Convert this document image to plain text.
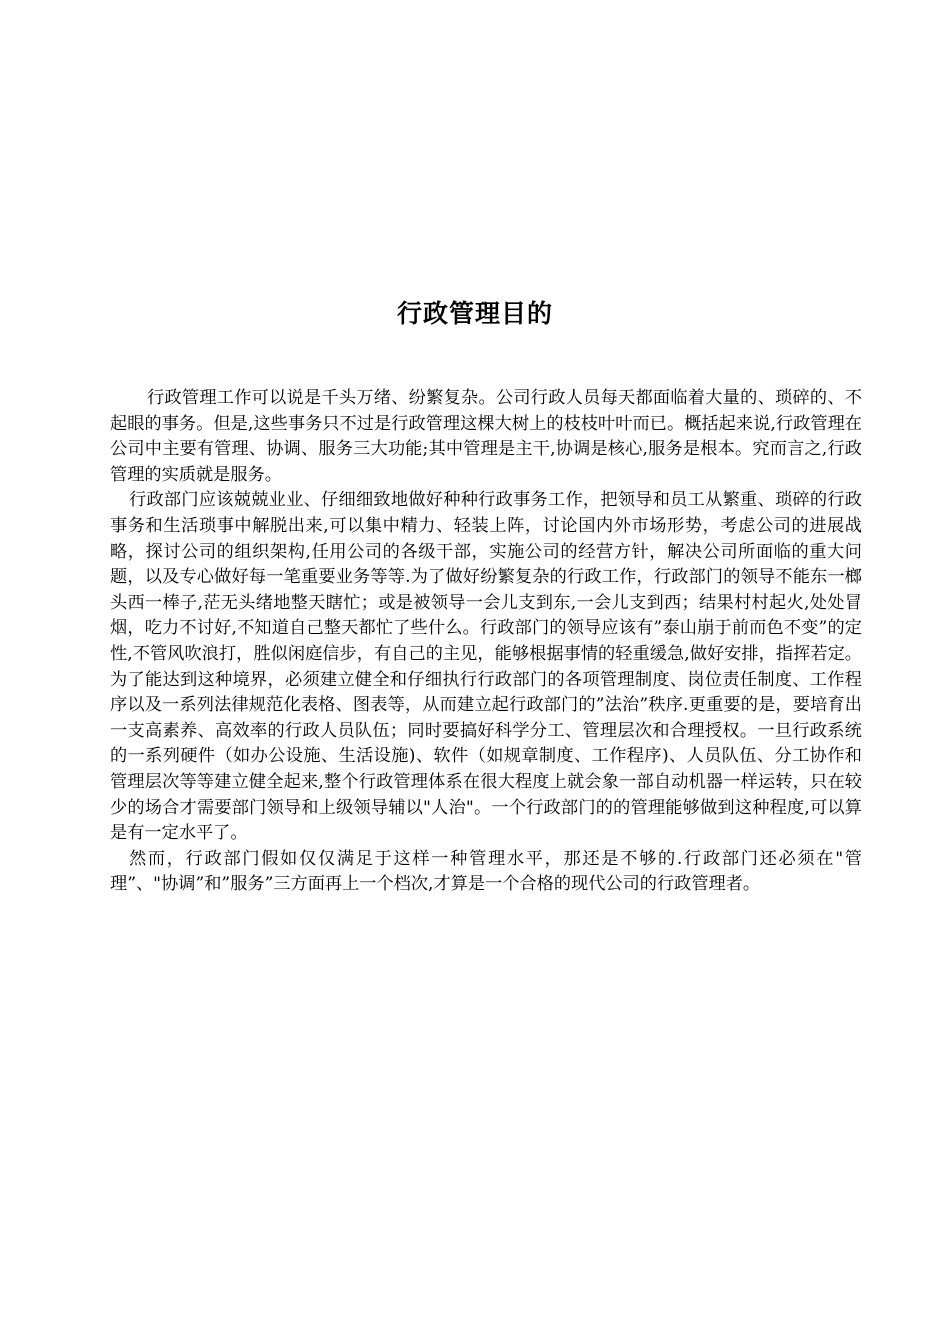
行政管理目的

行政管理工作可以说是千头万绪、纷繁复杂。公司行政人员每天都面临着大量的、琐碎的、不起眼的事务。但是,这些事务只不过是行政管理这棵大树上的枝枝叶叶而已。概括起来说,行政管理在公司中主要有管理、协调、服务三大功能;其中管理是主干,协调是核心,服务是根本。究而言之,行政管理的实质就是服务。

行政部门应该兢兢业业、仔细细致地做好种种行政事务工作，把领导和员工从繁重、琐碎的行政事务和生活琐事中解脱出来,可以集中精力、轻装上阵，讨论国内外市场形势，考虑公司的进展战略，探讨公司的组织架构,任用公司的各级干部，实施公司的经营方针，解决公司所面临的重大问题，以及专心做好每一笔重要业务等等.为了做好纷繁复杂的行政工作，行政部门的领导不能东一榔头西一棒子,茫无头绪地整天瞎忙；或是被领导一会儿支到东,一会儿支到西；结果村村起火,处处冒烟，吃力不讨好,不知道自己整天都忙了些什么。行政部门的领导应该有”泰山崩于前而色不变”的定性,不管风吹浪打，胜似闲庭信步，有自己的主见，能够根据事情的轻重缓急,做好安排，指挥若定。为了能达到这种境界，必须建立健全和仔细执行行政部门的各项管理制度、岗位责任制度、工作程序以及一系列法律规范化表格、图表等，从而建立起行政部门的”法治”秩序.更重要的是，要培育出一支高素养、高效率的行政人员队伍；同时要搞好科学分工、管理层次和合理授权。一旦行政系统的一系列硬件（如办公设施、生活设施)、软件（如规章制度、工作程序)、人员队伍、分工协作和管理层次等等建立健全起来,整个行政管理体系在很大程度上就会象一部自动机器一样运转，只在较少的场合才需要部门领导和上级领导辅以"人治"。一个行政部门的的管理能够做到这种程度,可以算是有一定水平了。

然而，行政部门假如仅仅满足于这样一种管理水平，那还是不够的.行政部门还必须在"管理”、"协调”和”服务”三方面再上一个档次,才算是一个合格的现代公司的行政管理者。
